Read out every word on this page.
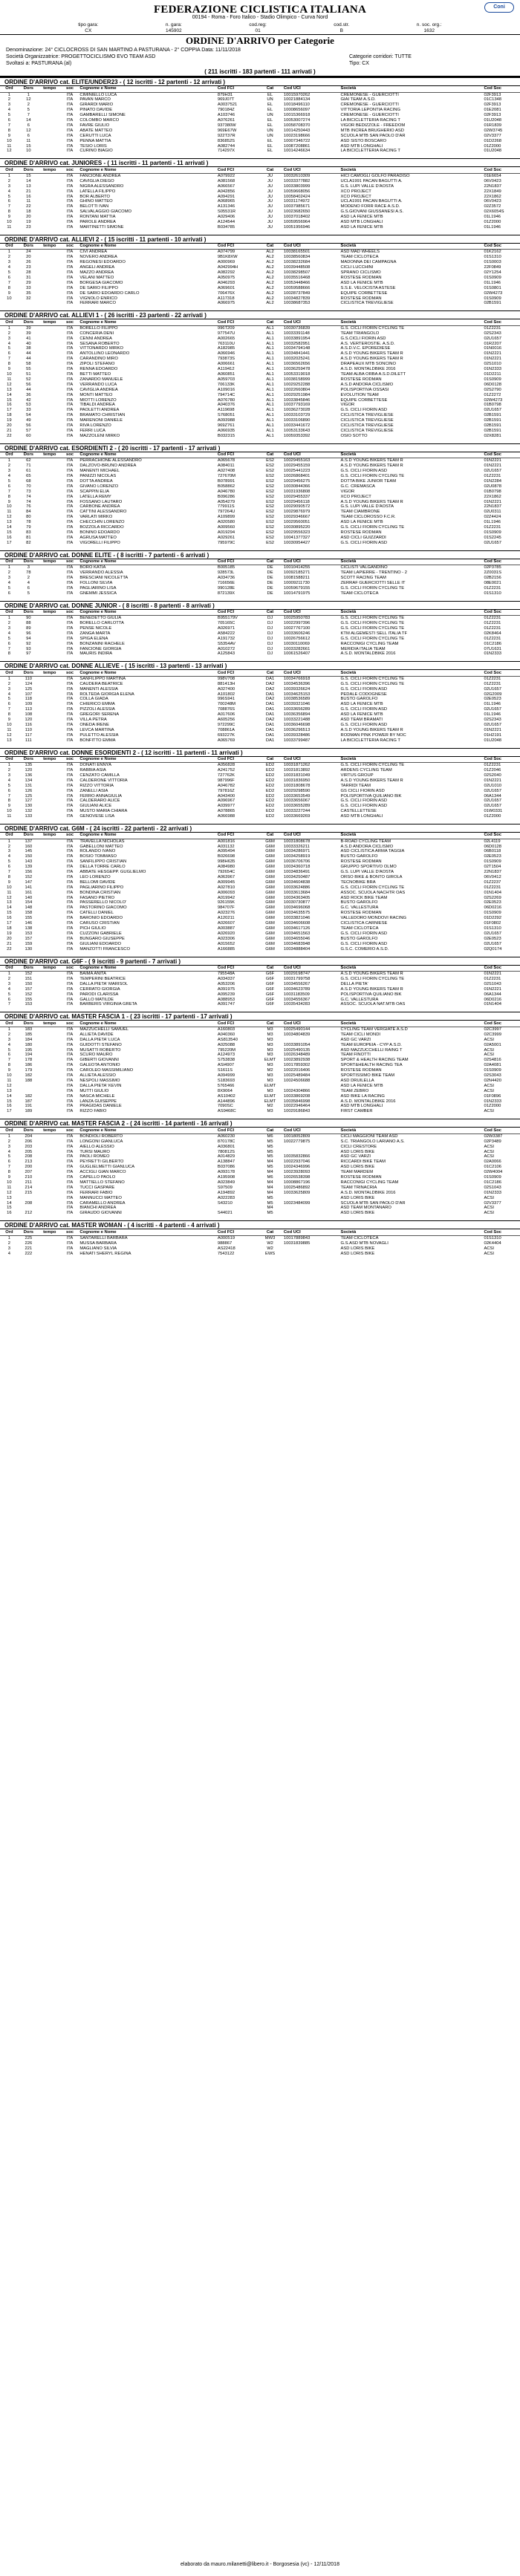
FEDERAZIONE CICLISTICA ITALIANA
00194 - Roma - Foro Italico - Stadio Olimpico - Curva Nord
Coni
tipo gara:
CX
n. gara:
145902
cod.reg:
01
cod.str.
B
n. soc. org.:
1632
ORDINE D'ARRIVO per Categorie
Denominazione: 24° CICLOCROSS DI SAN MARTINO A PASTURANA - 2° COPPIA Data: 11/11/2018
Società Organizzatrice: PROGETTOCICLISMO EVO TEAM ASD
Svoltasi a: PASTURANA (al)
Categorie corridori: TUTTE
Tipo: CX
( 211 iscritti - 183 partenti - 111 arrivati )
ORDINE D'ARRIVO cat. ELITE/UNDER23 - ( 12 iscritti - 12 partenti - 12 arrivati )
Ord	Dors	tempo	soc	Cognome e Nome	Cod FCI	Cat	Cod UCI	Società	Cod Soc
1	1		ITA	CIMINIELLO LUCA	879H31	EL	10015970262	CREMONESE - GUERCIOTTI	02F3913
2	12		ITA	PAVAN MARCO	969J07T	UN	10021884134	GIAI TEAM A.S.D.	01C1348
3	2		ITA	GIRARDI MARIO	A0037521	EL	10018496110	CREMONESE - GUERCIOTTI	02F3913
4	5		ITA	PINATO DAVIDE	790184Z	EL	10008656097	VITTORIA LEPONTIA RACING	01E2081
5	7		ITA	GAMBARELLI SIMONE	A103746	UN	10015366918	CREMONESE - GUERCIOTTI	02F3913
6	14		ITA	COLOMBO MARCO	A076261	EL	10053007274	LA BICICLETTERIA RACING T	01U2048
7	6		ITA	FAVRE GIULIO	937380W	EL	10058708370	VIGOR BEDIZZOLE - FREEDOM	01R1839
8	12		ITA	ABATE MATTEO	969E67W	UN	10014250443	MTB INCREA BRUGHERIO ASD	02W3745
9	6		ITA	CERUTTI LUCA	922T37R	UN	10023198666	SCUOLA MTB SAN PAOLO D'AR	02V3377
10	11		ITA	PENNA MATTIA	836852S	EL	10007346722	ASD SISTO BOSCARO	01D2268
11	15		ITA	TESIO LORIS	A082744	EL	10087208861	ASD MTB LONGHALI	01Z2000
12	10		ITA	CURINO BIAGIO	714297X	EL	10014246634	LA BICICLETTERIA RACING T	01U2048
ORDINE D'ARRIVO cat. JUNIORES - ( 11 iscritti - 11 partenti - 11 arrivati )
Ord	Dors	tempo	soc	Cognome e Nome	Cod FCI	Cat	Cod UCI	Società	Cod Soc
1	15		ITA	FANCIONE ANDREA	A079922	JU	10032610309	HICI CAMOGLI GOLFO PARADISO	01E6654
2	14		ITA	CAVIGLIA DIEGO	A081568	JU	10033377882	UCLA1991 PACAN BAGUTTI A.	06V0423
3	13		ITA	NIGRA ALESSANDRO	A066567	JU	10033803999	G.S. LUPI VALLE D'AOSTA	22N1837
4	21		ITA	LATELLA FILIPPO	A042856	JU	10059668056	XCO PROJECT	22X1849
5	16		ITA	BOR ALBERTO	A094291	JU	10058402424	XCO PROJECT	22X1862
6	11		ITA	GHINO MATTEO	A068965	JU	10031174972	UCLA1991 PACAN BAGUTTI A.	06V0423
7	22		ITA	BELOTTI IVAN	A131346	JU	10037985671	MODENO FORR RACE A.S.D.	02Z3572
8	18		ITA	SALVALAGGIO GIACOMO	S05531R	JU	10023682650	G.S.GIOVANI GIUSSANESI A.S.	02X6054S
9	20		ITA	RONTANI MATTIA	A029406	JU	10037018402	ASD LA FENICE MTB	01L1946
10	19		ITA	PAROLE ANDREA	A124544	JU	10059556964	ASD MTB LONGHALI	01Z2000
11	23		ITA	MARTINETTI SIMONE	B034785	JU	10051956946	ASD LA FENICE MTB	01L1946
ORDINE D'ARRIVO cat. ALLIEVI 2 - ( 15 iscritti - 11 partenti - 10 arrivati )
Ord	Dors	tempo	soc	Cognome e Nome	Cod FCI	Cat	Cod UCI	Società	Cod Soc
1	24		ITA	CIVI ANDREA	A074799	AL2	10038165501	ASD MAD WHEELS	01K2162
2	20		ITA	NOVERO ANDREA	9B1K8XW	AL2	10038560834	TEAM CICLOTECA	01S1310
3	26		ITA	REGONESI EDOARDO	A000969	AL2	10038232684	MADONNA DEI CAMPAGNA	01S0003
4	23		ITA	ANGELI ANDREA	A042994H	AL2	10039448508	CICLI LUCCHINI	22F0849
5	28		ITA	MAZZO ANDREA	A082292	AL2	10038298507	SPRANO CICLISMO	02Y1254
6	31		ITA	VELANI MATTEO	A050975	AL2	10035516468	ROSTESE RODMAN	01S0909
7	29		ITA	BORGESA GIACOMO	A046293	AL2	10053448466	ASD LA FENICE MTB	01L1946
8	33		ITA	DE SARIO FILIPPO	A069601	AL2	10059588666	S.S.E. VELOCISTA ASTESE	01S0801
9	35		ITA	DE SARIO EDOARDO CARLO	706476X	AL2	10028737849	EQUIPE CORBETTESE	02W4273
10	32		ITA	VIGNOLO ENRICO	A117318	AL2	10034827839	ROSTESE RODMAN	01S0909
			ITA	FERRARI MARCO	A066975	AL2	10038687353	CICLISTICA TREVIGLIESE	02B1591
ORDINE D'ARRIVO cat. ALLIEVI 1 - ( 26 iscritti - 23 partenti - 22 arrivati )
Ord	Dors	tempo	soc	Cognome e Nome	Cod FCI	Cat	Cod UCI	Società	Cod Soc
1	39		ITA	BORELLO FILIPPO	996T209	AL1	10030736839	G.S. CICLI FIORIN CYCLING TE	01Z2231
2	39		ITA	CONCERIA DENI	977547U	AL1	10033391148	TEAM TRIANGOLO	02S2343
3	41		ITA	CENNI ANDREA	A002665	AL1	10033891954	G.S.CICLI FIORIN ASD	02U1657
4	40		ITA	SESANA ROBERTO	763110U	AL1	10032582951	A.S. VERTEROSTIE. A.S.D.	01R2207
5	38		ITA	VITTONARDO MIRKO	A182985	AL1	10034794148	A.S.D.V.C. EPOREDIESE	01N0016
6	44		ITA	ANTOLLINO LEONARDO	A066946	AL1	10034841441	A.S.D YOUNG BIKERS TEAM R	01N2221
7	44		ITA	CARANDINO MIRO	793873S	AL1	10032025241	A.S.D YOUNG BIKERS TEAM R	01N2221
8	58		ITA	ZIPOLI STEFANO	A006661	AL1	10036562656	DRAPEAUX MTB SONCINO	02S1010
9	55		ITA	RENNA EDOARDO	A119412	AL1	10036259478	A.S.D. MONTALDBIKE 2016	01N2333
10	51		ITA	BETTI MATTEO	A060851	AL1	10053319018	TEAM ALBA ORBA A.S.D.DILETT	01D2211
11	52		ITA	ZANARDO MANUELE	A059703	AL1	10038158999	ROSTESE RODMAN	01S0909
12	56		ITA	VERRANDO LUCA	706133K	AL1	10029252288	A.S.D ANDORA CICLISMO	06D0128
13	44		ITA	CAVIGLIA ANDREA	A109016	AL1	10022660804	POLISPORTIVA OSSASI	02S2790
14	36		ITA	MONTI MATTEO	794714C	AL1	10029251984	EVOLUTION TEAM	01Z2272
15	42		ITA	MIOTTI LORENZO	A076780	AL1	10033845846	EQUIPE CORBETTESE	02W4273
16	53		ITA	TIBALDI ANDREA	A040376	AL1	10037793169	VIGOR	01B0798
17	33		ITA	PAOLETTI ANDREA	A119698	AL1	10036273028	G.S. CICLI FIORIN ASD	02U1657
18	54		ITA	BRAMATO CHRISTIAN	S768051	AL1	10033103729	CICLISTICA TREVIGLIESE	02B1591
19	49		ITA	MARENONI DANIELE	A093988	AL1	10033106890	CICLISTICA TREVIGLIESE	02B1591
20	56		ITA	RIVA LORENZO	969Z761	AL1	10033441672	CICLISTICA TREVIGLIESE	02B1591
21	57		ITA	FERRI LUCA	A066935	AL1	10053133643	CICLISTICA TREVIGLIESE	02B1591
22	60		ITA	MAZZOLENI MIRKO	B032315	AL1	10059353392	OSIO SOTTO	02X8281
ORDINE D'ARRIVO cat. ESORDIENTI 2 - ( 20 iscritti - 17 partenti - 17 arrivati )
Ord	Dors	tempo	soc	Cognome e Nome	Cod FCI	Cat	Cod UCI	Società	Cod Soc
1	62		ITA	PERRACHIONE ALESSANDRO	A065678	ES2	10029455163	A.S.D YOUNG BIKERS TEAM R	01N2221
2	71		ITA	DALZOVO-BRUNO ANDREA	A084011	ES2	10029455159	A.S.D YOUNG BIKERS TEAM R	01N2221
3	61		ITA	MANENTI MICHAEL	A027408	ES2	10025441223	G.S. CICLI FIORIN ASD	02U1657
4	65		ITA	PANIZZI NICOLAS	727670M	ES2	10026868401	G.S. CICLI FIORIN CYCLING TE	01Z2231
5	68		ITA	DOTTA ANDREA	B078991	ES2	10029456275	DOTTA BIKE JUNIOR TEAM	01N2284
6	70		ITA	GIVANO LORENZO	B058862	ES2	10030844366	G.C. CREMASCA	02U0878
7	73		ITA	SCAPPIN ELIA	A046780	ES2	10031936808	VIGOR	01B0798
8	74		ITA	LATELLA REMY	B096286	ES2	10029455337	XCO PROJECT	22X1862
9	74		ITA	FOSSANO LAUTARO	A054279	ES2	10029456118	A.S.D YOUNG BIKERS TEAM R	01N2221
10	76		ITA	CARBONE ANDREA	779911S	ES2	10029090572	G.S. LUPI VALLE D'AOSTA	22N1837
11	84		ITA	CATTINI ALESSANDRO	797264U	ES2	10029876979	TEAM CIAMBRONE	02U0311
12	80		ITA	VARLATI MIRKO	A109899	ES2	10029346667	TEAM CICLOROSSO F.C.R.	02Z4424
13	78		ITA	CHECCHIN LORENZO	A020580	ES2	10029560051	ASD LA FENICE MTB	01L1946
14	79		ITA	BOZZOLA RICCARDO	A009560	ES2	10030895220	G.S. CICLI FIORIN CYCLING TE	01Z2231
15	83		ITA	BONINO EDOARDO	A019294	ES2	10029556323	ROSTESE RODMAN	01S0909
16	81		ITA	AGRUSA MATTEO	A029261	ES2	10041377327	ASD CICLI GUIZZARDI	01S2245
17	82		ITA	VIGORELLI FILIPPO	795979C	ES2	10030954427	G.S. CICLI FIORIN ASD	02U1657
ORDINE D'ARRIVO cat. DONNE ELITE - ( 8 iscritti - 7 partenti - 6 arrivati )
Ord	Dors	tempo	soc	Cognome e Nome	Cod FCI	Cat	Cod UCI	Società	Cod Soc
1	3		ITA	BORO KATIA	B005185	DE	10010414255	CICLISTI VALGANDINO	02P3785
2	78		ITA	VERRANDO ALESSIA	928573L	DE	10092185271	TEAM LAPIERRE - TRENTINO - 2	2Z0031S
3	2		ITA	BRESCIANI NICOLETTA	A034736	DE	10081588211	SCOTT RACING TEAM	02B2156
4	4		ITA	FOLLONI SILVIA	716656E	DE	10009211730	ZERRAF GUERCIOTTI SELLE IT	08E0021
5	6		ITA	PAGLIARINO LISA	990128E	DE	10059679155	G.S. CICLI FIORIN CYCLING TE	01Z2231
6	5		ITA	GNEMMI JESSICA	872139X	DE	10014791975	TEAM CICLOTECA	01S1310
ORDINE D'ARRIVO cat. DONNE JUNIOR - ( 8 iscritti - 8 partenti - 8 arrivati )
Ord	Dors	tempo	soc	Cognome e Nome	Cod FCI	Cat	Cod UCI	Società	Cod Soc
1	90		ITA	BENEDETTO GIULIA	B955179V	DJ	10025950783	G.S. CICLI FIORIN CYCLING TE	01Z2231
2	88		ITA	BORELLO CARLOTTA	705165C	DJ	10022997396	G.S. CICLI FIORIN CYCLING TE	01Z2231
3	89		ITA	PENSE NICOLE	A026971	DJ	10027767100	G.S. CICLI FIORIN CYCLING TE	01Z2231
4	96		ITA	ZANGA MARTA	A584222	DJ	10033606246	KTM ALGEMESTI SELL ITALIA TF	02K8464
5	94		ITA	SPIGA ELENA	A191732	DJ	10026756612	G.S. CICLI FIORIN CYCLING TE	01Z2231
6	92		ITA	BONZANINI RACHELE	S5354AV	DJ	10030110069	RACCONIGI CYCLING TEAM	01C2186
7	93		ITA	FANCIONE GIORGIA	A010272	DJ	10033282661	MERIDIA ITALIA TEAM	07U1631
8	97		ITA	MAURIS INDIRA	A125843	DJ	10061526407	A.S.D. MONTALDBIKE 2016	01N2333
ORDINE D'ARRIVO cat. DONNE ALLIEVE - ( 15 iscritti - 13 partenti - 13 arrivati )
Ord	Dors	tempo	soc	Cognome e Nome	Cod FCI	Cat	Cod UCI	Società	Cod Soc
1	110		ITA	SANFILIPPO MARTINA	998V708	DA1	10034766918	G.S. CICLI FIORIN CYCLING TE	01Z2231
2	124		ITA	CAUDERA BEATRICE	881413H	DA2	10034536396	G.S. CICLI FIORIN CYCLING TE	01Z2231
3	125		ITA	MANENTI ALESSIA	A027400	DA2	10039326624	G.S. CICLI FIORIN ASD	02U1657
4	107		ITA	ROLTEDA GIORGIA ELENA	A101802	DA1	10034625153	PEDALE CODOGNESE	02G2009
5	118		ITA	COLLA GIADA	996S941	DA2	10038536589	BUSTO GAROLFO	02E0523
6	109		ITA	CHIERICO EMMA	700248M	DA1	10039321046	ASD LA FENICE MTB	01L1946
7	113		ITA	PIZZOLI ALESSIA	708876S	DA1	10033656289	G.S. CICLI FIORIN ASD	02U1657
8	108		ITA	GREGORI SERENA	A017606	DA1	10036356894	ASD LA FENICE MTB	01L1946
9	120		ITA	VILLA PETRA	A605256	DA2	10033221488	ASD TEAM BRAMATI	02S2343
10	116		ITA	ONEDA IRENE	972299C	DA1	10036046698	G.S. CICLI FIORIN ASD	02U1657
11	110		ITA	LEVCA MARTINA	708861A	DA1	10036296513	A.S.D YOUNG BIKERS TEAM R	01N2221
12	117		ITA	PULETTO ALESSIA	693227K	DA1	10039328486	RODMAN PINK POWER BY NOC	01H2191
13	111		ITA	BONFITTO EMMA	A065769	DA1	10033799487	LA BICICLETTERIA RACING T	01U2048
ORDINE D'ARRIVO cat. DONNE ESORDIENTI 2 - ( 12 iscritti - 11 partenti - 11 arrivati )
Ord	Dors	tempo	soc	Cognome e Nome	Cod FCI	Cat	Cod UCI	Società	Cod Soc
1	135		ITA	DONATI ENNYA	A056828	ED2	10031871262	G.S. CICLI FIORIN CYCLING TE	01Z2231
2	120		ITA	RABBIA ASIA	A241752	ED2	10031813892	ARDENS CYCLING TEAM	01Z2046
3	136		ITA	CENZATO CAMILLA	727762K	ED2	10031831049	VIRTUS GROUP	02S2040
4	134		ITA	CALDERONE VITTORIA	987996F	ED2	10031836950	A.S.D YOUNG BIKERS TEAM R	01N2221
5	131		ITA	RIZZO VITTORIA	A046782	ED2	10031808678	TARRIDI TEAM	02U1010
6	126		ITA	ZANELLI ASIA	797816Z	ED2	10029298590	GS CICLI FIORIN ASD	02U1657
7	125		ITA	FERRO ANNAGIULIA	A043400	ED2	10033653549	POLISPORTIVA QUILIANO BIK	06A1344
8	127		ITA	CALDERARO ALICE	A096967	ED2	10033656067	G.S. CICLI FIORIN ASD	02U1657
9	130		ITA	GIULIANI ALICE	A039977	ED2	10033655289	G.S. CICLI FIORIN ASD	02U1657
10	132		ITA	MUSTO MARIA CHIARA	A078865	ED2	10033227244	CASTELLETTESE	01W0331
11	133		ITA	GENOVESE LISA	A066988	ED2	10033669269	ASD MTB LONGHALI	01Z2000
ORDINE D'ARRIVO cat. G6M - ( 24 iscritti - 22 partenti - 22 arrivati )
Ord	Dors	tempo	soc	Cognome e Nome	Cod FCI	Cat	Cod UCI	Società	Cod Soc
1	137		ITA	TRAVELLA NICHOLAS	A001816	G6M	10031808678	B-ROAD CYCLING TEAM	02L4119
2	160		ITA	GABELLONI MATTEO	A031132	G6M	10033326211	A.S.D ANDORA CICLISMO	06D0128
3	145		ITA	ROLANDO IVANO	A095494	G6M	10034286971	ASD CICLISTICA ARMA TAGGIA	06B0118
4	150		ITA	BOSIO TOMMASO	B026698	G6M	10034258919	BUSTO GAROLFO	02E0523
5	143		ITA	SANFILIPPO CRISTIAN	998H635	G6M	10036706706	ROSTESE RODMAN	01S0909
6	139		ITA	DELLA TORRE CARLO	A084980	G6M	10034360718	GRUPPO SPORTIVO OLMO	02T1504
7	156		ITA	ABBATE HESGEPP. GUGLIELMO	792654C	G6M	10034836491	G.S. LUPI VALLE D'AOSTA	22N1837
8	152		ITA	LEO LORENZO	A063967	G6M	10034250487	ORSO BIKE & BONTO GIROLA	06V0412
9	147		ITA	BELLOMI DAVIDE	A009945	G6M	10034604838	TECNOBIKE BRA	01Z2237
10	141		ITA	PAGLIARINO FILIPPO	A027810	G6M	10033624886	G.S. CICLI FIORIN CYCLING TE	01Z2231
11	161		ITA	BONDINA CRISTIAN	A006093	G6M	10033613684	ASSOC. SCUOLA NACHTR OAS	01N1404
12	140		ITA	FASANO PIETRO	A019942	G6M	10034363405	ASD ROCK BIKE TEAM	02S2269
13	154		ITA	PASSERELLO NICOLO'	926155K	G6M	10030730877	BUSTO GAROLFO	02E0523
14	148		ITA	PASTORINO GIACOMO	984707F	G6M	10034696068	G.C. VALLESTURA	06D0216
15	158		ITA	CATELLI DANIEL	A023276	G6M	10034635575	ROSTESE RODMAN	01S0909
16	155		ITA	BARONIO EDOARDO	A120211	G6M	10033821046	VALLEDORO MONDOVI RACING	01D2292
17	146		ITA	CARUSO CRISTIAN	A026607	G6M	10034606608	CICLISTICA CARNIESE	01F0802
18	138		ITA	PICH GIULIO	A003887	G6M	10034617126	TEAM CICLOTECA	01S1310
19	153		ITA	CUZZONI GABRIELE	A026920	G6M	10034651563	G.S. CICLI FIORIN ASD	02U1657
20	157		ITA	BUNGARO GIUSEPPE	A023306	G6M	10034655046	BUSTO GAROLFO	02E0523
21	159		ITA	GIULIANI EDOARDO	A015652	G6M	10034683948	G.S. CICLI FIORIN ASD	02U1657
22	130		ITA	MANZOTTI FRANCESCO	A166885	G6M	10034888404	G.S.C. COMERIO A.S.D.	02Q0174
ORDINE D'ARRIVO cat. G6F - ( 9 iscritti - 9 partenti - 7 arrivati )
Ord	Dors	tempo	soc	Cognome e Nome	Cod FCI	Cat	Cod UCI	Società	Cod Soc
1	152		ITA	BAIMA ANITA	795548A	G6F	10029198747	A.S.D YOUNG BIKERS TEAM R	01N2221
2	151		ITA	TEMPERINI BEATRICE	A034337	G6F	10031799758	G.S. CICLI FIORIN CYCLING TE	01Z2231
3	150		ITA	DALLA PIETA' MARISOL	A053206	G6F	10034556267	DELLA PIETA'	02S1043
4	157		ITA	CERRATO GIORGIA	A091975	G6F	10034623789	A.S.D YOUNG BIKERS TEAM R	01N2221
5	152		ITA	PARODI CLARISSA	A095239	G6F	10031183509	POLISPORTIVA QUILIANO BIK	06A1344
6	155		ITA	GALLO MATILDE	A088953	G6F	10034556367	G.C. VALLESTURA	06D0216
7	153		ITA	BARBERIS VIRGINIA GRETA	A091747	G6F	10035434283	ASSOC. SCUOLA NAT.MTB OAS	01N1404
ORDINE D'ARRIVO cat. MASTER FASCIA 1 - ( 23 iscritti - 17 partenti - 17 arrivati )
Ord	Dors	tempo	soc	Cognome e Nome	Cod FCI	Cat	Cod UCI	Società	Cod Soc
1	183		ITA	MAZZUCHELLI SAMUEL	A160803	M3	10025490144	CYCLING TEAM VERGIATE A.S.D	02C3997
2	185		ITA	ALLIETA DAVIDE	A040360	M3	10034804839	TEAM CICLI MONDI	02C3999
3	184		ITA	DALLA PIETA' LUCA	AS813540	M3		ASD GC VARZI	ACSI
4	180		ITA	GUIDOTTI STEFANO	A025088	M3	10033891054	TEAM EUROPEIA - CYP A.S.D.	02A5001
5	195		ITA	MUSATTI ROBERTO	795220M	M3	10025490135	ASD MAZZUCCHELLI RAING T	ACSI
6	194		ITA	SCURO MAURO	A124973	M3	10026348489	TEAM FINOTTI	ACSI
7	178		ITA	GIBERTI GIOVANNI	S753838	ELMT	10023892938	SPORT & HEALTH RACING TEAM	02S4816
8	186		ITA	GALEOTA ANTONIO	ASI4907	M3	10017859302	SPORT&HEALTH RACING TEA	02A4081
9	179		ITA	CAROLEO MASSIMILIANO	S1611S	M2	10022016406	ROSTESE RODMAN	01S0909
10	182		ITA	ALLIETA ALESSIO	A094999	M3	10025489484	SPORTISSIMO BIKE TEAM	02S3043
11	188		ITA	NESPOLI MASSIMO	S183693	M3	10024506688	ASD DRUILELLA	02N4420
12			ITA	DALLA PIETA' KEVIN	5765466	ELMT		ASD LA FENICE MTB	ACSI
13			ITA	MUTTI GIULIO	8X9064	M3	10024304866	TEAM ZEBRO	ACSI
14	182		ITA	NASCA MICHELE	AS10402	ELMT	10033869208	ASD BIKE LA RACING	01F0896
15	187		ITA	LANZA GUISEPPE	A144896	ELMT	10035846998	A.S.D. MONTALDBIKE 2016	01N2333
16	191		ITA	PRAGIDAS DANIELE	7090SC	M2	10022946464	ASD MTB LONGHALI	01Z2000
17	189		ITA	RIZZO FABIO	AS9468C	M3	10029186843	FIRST CAMBER	ACSI
ORDINE D'ARRIVO cat. MASTER FASCIA 2 - ( 24 iscritti - 14 partenti - 16 arrivati )
Ord	Dors	tempo	soc	Cognome e Nome	Cod FCI	Cat	Cod UCI	Società	Cod Soc
1	204		ITA	BONDIOLI ROBERTO	A060230	M6	10018052809	CICLI MAGGIONI TEAM ASD	02W3387
2	206		ITA	LONGONI GIANLUCA	870178C	M5	10022779875	S.C. TRIANGOLO LARIANO A.S.	02P3489
3	203		ITA	AIELLO ALESSIO	A036801	M5		CICLI CRESTORE	ACSI
4	205		ITA	TURSI MAURO	780812S	M5		ASD LORIS BIKE	ACSI
5	208		ITA	PAOLI ROMEO	A014829	M5	10035832866	ASD GC VARZI	ACSI
6	213		ITA	PEYRETTI GILBERTO	A138847	M4	10022937046	RICCARDI BIKE TEAM	02A0066
7	200		ITA	GUGLIELMETTI GIANLUCA	B037086	M5	10024346996	ASD LORIS BIKE	01C2106
8	207		ITA	ACCIGLI GIAN MARCO	A093178	M4	10023928093	TEAM MARDEM	02W4004
9	210		ITA	CAPELLO PAOLO	A195908	M6	10026538398	ROSTESE RODMAN	01S0909
10	211		ITA	MATTIELLO STEFANO	A023849	M4	10008867196	RACCONIGI CYCLING TEAM	01C2186
11	214		ITA	TUCCI GASPARE	S97509	M4	10025486892	TEAM TRINACRIA	02S1043
12	215		ITA	FERRARI FABIO	A194892	M4	10033625809	A.S.D. MONTALDBIKE 2016	01N2333
13			ITA	MANNUCCI MATTEO	A022283	M5		ASD LORIS BIKE	ACSI
14	208		ITA	CARAMELLO ANDREA	S43210	M5	10023484099	SCUOLA MTB SAN PAOLO D'AR	02V3377
15			ITA	BIANCHI ANDREA		M4		ASD TEAM MONTANARO	ACSI
16	212		ITA	GIRAUDO GIOVANNI	S44021	M5		ASD LORIS BIKE	ACSI
ORDINE D'ARRIVO cat. MASTER WOMAN - ( 4 iscritti - 4 partenti - 4 arrivati )
Ord	Dors	tempo	soc	Cognome e Nome	Cod FCI	Cat	Cod UCI	Società	Cod Soc
1	225		ITA	SANTARELLI BARBARA	A000519	MW3	10017889843	TEAM CICLOTECA	01S1310
2	226		ITA	MUSSA BARBARA	988867	W2	10031839885	G.S.ASD MTB NOVAGLI	02K4404
3	221		ITA	MAGLIANO SILVIA	AS22418	W2		ASD LORIS BIKE	ACSI
4	222		ITA	HENATI SHERYL REGINA	7543122	EWS		ASD LORIS BIKE	ACSI
elaborato da mauro.milanetti@libero.it - Borgosesia (vc) - 12/11/2018
